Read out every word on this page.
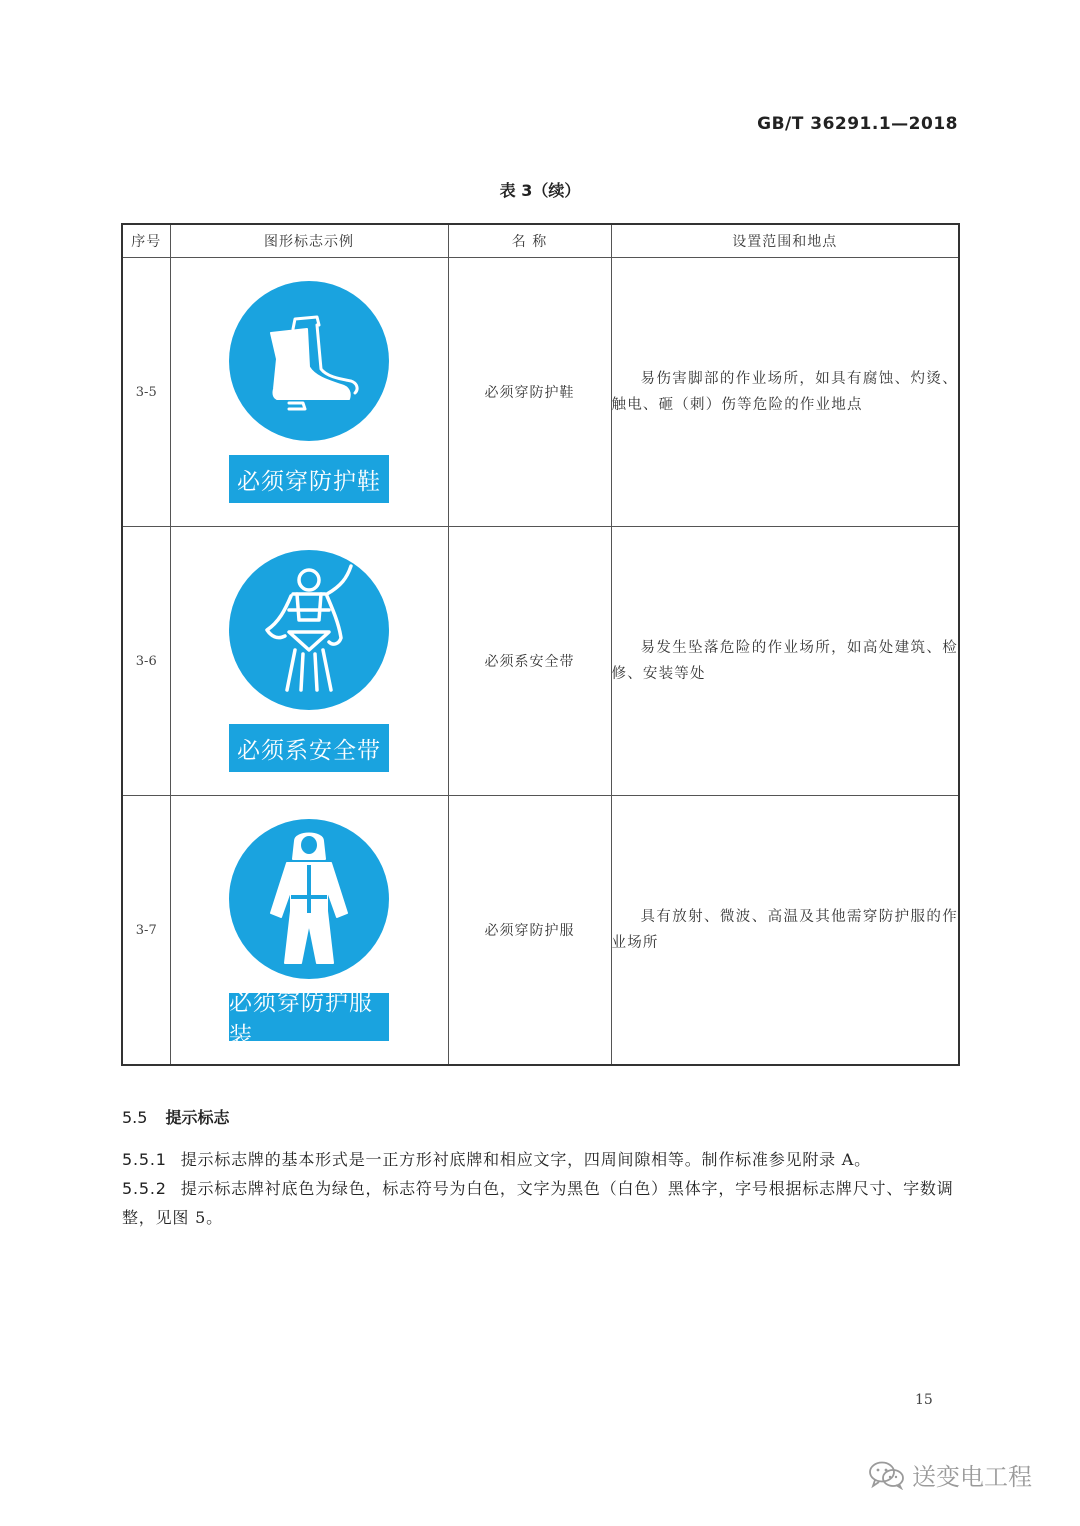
GB/T 36291.1—2018
表 3（续）
序号	图形标志示例	名 称	设置范围和地点
3-5	必须穿防护鞋	必须穿防护鞋	易伤害脚部的作业场所，如具有腐蚀、灼烫、触电、砸（刺）伤等危险的作业地点

3-6	必须系安全带	必须系安全带	易发生坠落危险的作业场所，如高处建筑、检修、安装等处

3-7	必须穿防护服装	必须穿防护服	具有放射、微波、高温及其他需穿防护服的作业场所

5.5 提示标志
5.5.1 提示标志牌的基本形式是一正方形衬底牌和相应文字，四周间隙相等。制作标准参见附录 A。
5.5.2 提示标志牌衬底色为绿色，标志符号为白色，文字为黑色（白色）黑体字，字号根据标志牌尺寸、字数调整，见图 5。
15
送变电工程
